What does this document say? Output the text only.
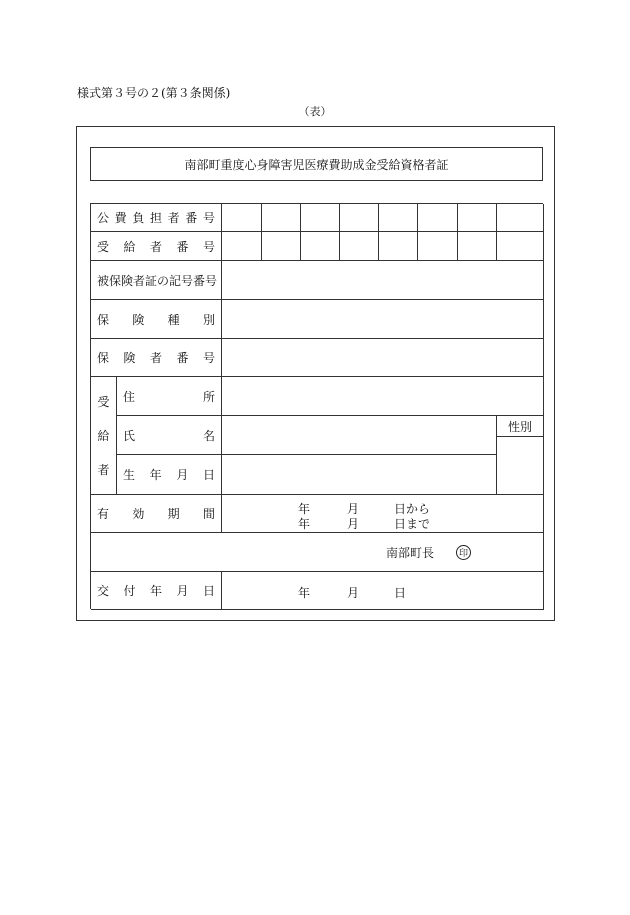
様式第３号の２(第３条関係)
（表）
南部町重度心身障害児医療費助成金受給資格者証
公 費 負 担 者 番 号
受 給 者 番 号
被保険者証の記号番号
保 険 種 別
保 険 者 番 号
受
給
者
住	所
氏	名
性別
生 年 月 日
有 効 期 間	年	月	日から
年	月	日まで
南部町長	印
交 付 年 月 日	年	月	日
